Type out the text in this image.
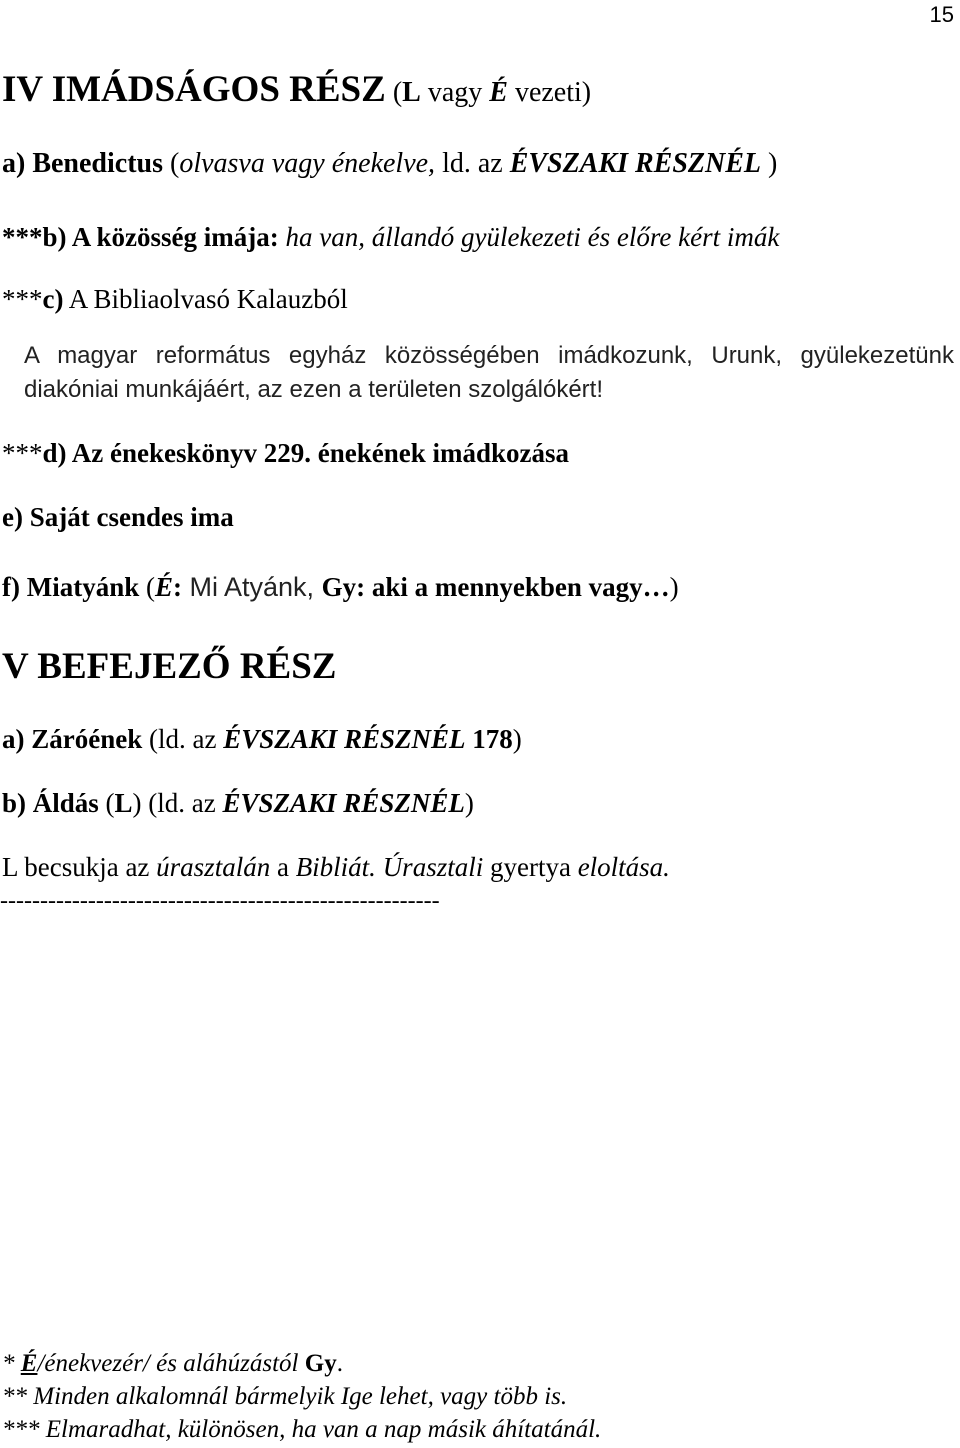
15
IV IMÁDSÁGOS RÉSZ (L vagy É vezeti)
a) Benedictus (olvasva vagy énekelve, ld. az ÉVSZAKI RÉSZNÉL )
***b) A közösség imája: ha van, állandó gyülekezeti és előre kért imák
***c) A Bibliaolvasó Kalauzból
A magyar református egyház közösségében imádkozunk, Urunk, gyülekezetünk diakóniai munkájáért, az ezen a területen szolgálókért!
***d) Az énekeskönyv 229. énekének imádkozása
e) Saját csendes ima
f) Miatyánk (É: Mi Atyánk, Gy: aki a mennyekben vagy…)
V BEFEJEZŐ RÉSZ
a) Záróének (ld. az ÉVSZAKI RÉSZNÉL 178)
b) Áldás (L) (ld. az ÉVSZAKI RÉSZNÉL)
L becsukja az úrasztalán a Bibliát. Úrasztali gyertya eloltása.
-------------------------------------------------------
* É/énekvezér/ és aláhúzástól Gy.
** Minden alkalomnál bármelyik Ige lehet, vagy több is.
*** Elmaradhat, különösen, ha van a nap másik áhítatánál.
